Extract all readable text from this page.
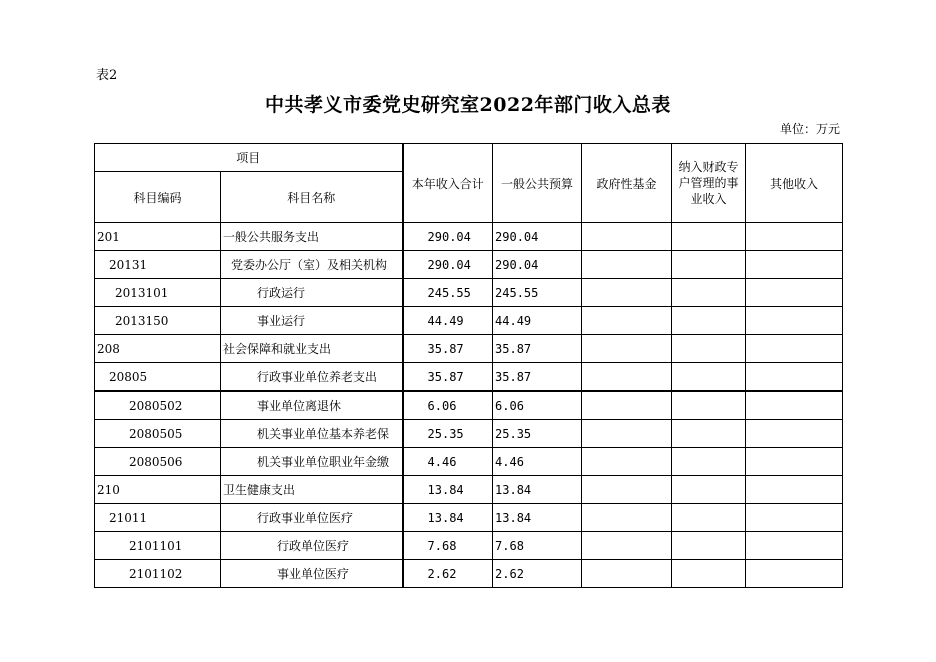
表2
中共孝义市委党史研究室2022年部门收入总表
单位：万元
项目		本年收入合计	一般公共预算	政府性基金	纳入财政专户管理的事业收入	其他收入
科目编码	科目名称					
201	一般公共服务支出	290.04	290.04			
20131	党委办公厅（室）及相关机构	290.04	290.04			
2013101	行政运行	245.55	245.55			
2013150	事业运行	44.49	44.49			
208	社会保障和就业支出	35.87	35.87			
20805	行政事业单位养老支出	35.87	35.87			
2080502	事业单位离退休	6.06	6.06			
2080505	机关事业单位基本养老保	25.35	25.35			
2080506	机关事业单位职业年金缴	4.46	4.46			
210	卫生健康支出	13.84	13.84			
21011	行政事业单位医疗	13.84	13.84			
2101101	行政单位医疗	7.68	7.68			
2101102	事业单位医疗	2.62	2.62			
